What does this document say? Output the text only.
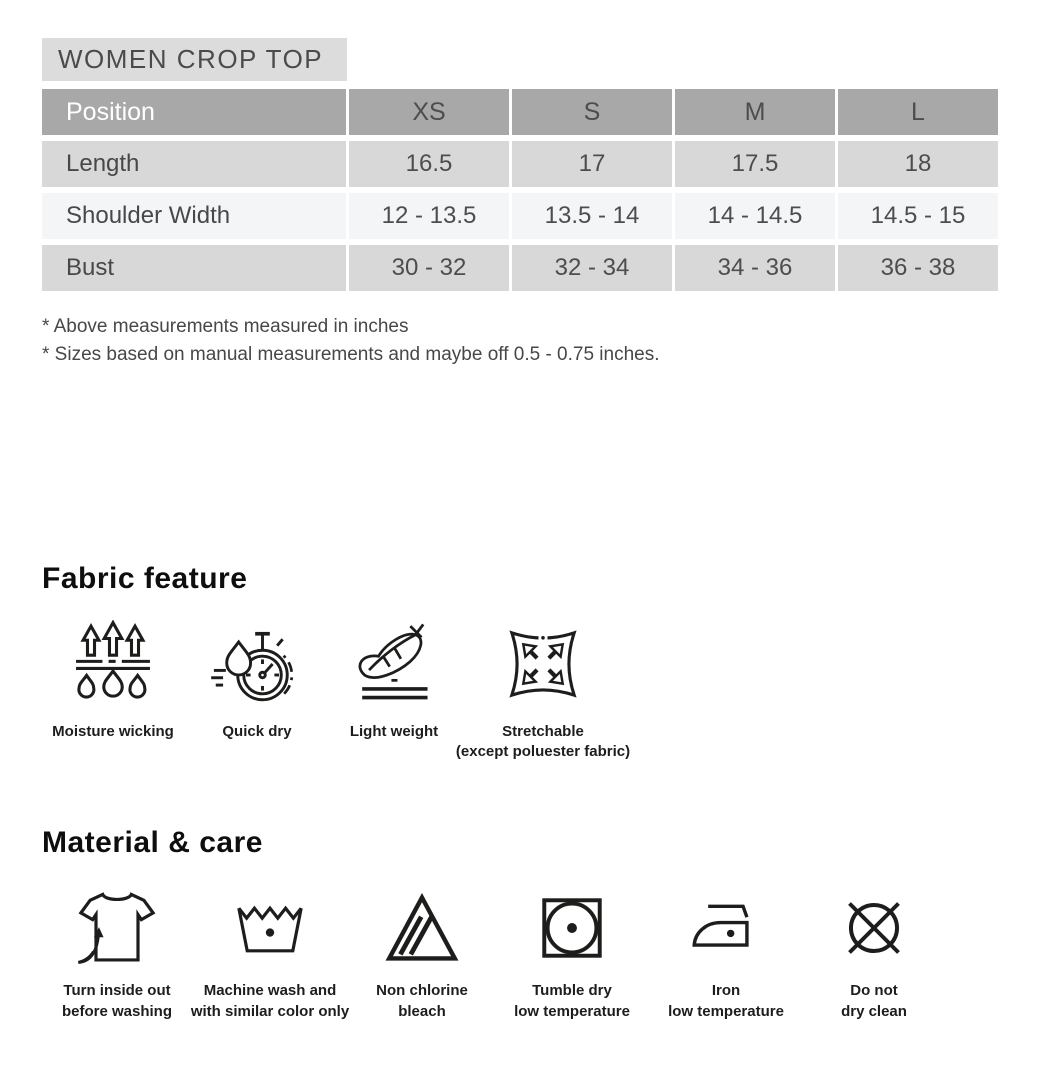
WOMEN CROP TOP
Position	XS	S	M	L
Length	16.5	17	17.5	18
Shoulder Width	12 - 13.5	13.5 - 14	14 - 14.5	14.5 - 15
Bust	30 - 32	32 - 34	34 - 36	36 - 38
* Above measurements measured in inches
* Sizes based on manual measurements and maybe off 0.5 - 0.75 inches.
Fabric feature
Moisture wicking	Quick dry	Light weight	Stretchable
(except poluester fabric)
Material & care
Turn inside out
before washing
Machine wash and
with similar color only
Non chlorine
bleach
Tumble dry
low temperature
Iron
low temperature
Do not
dry clean
